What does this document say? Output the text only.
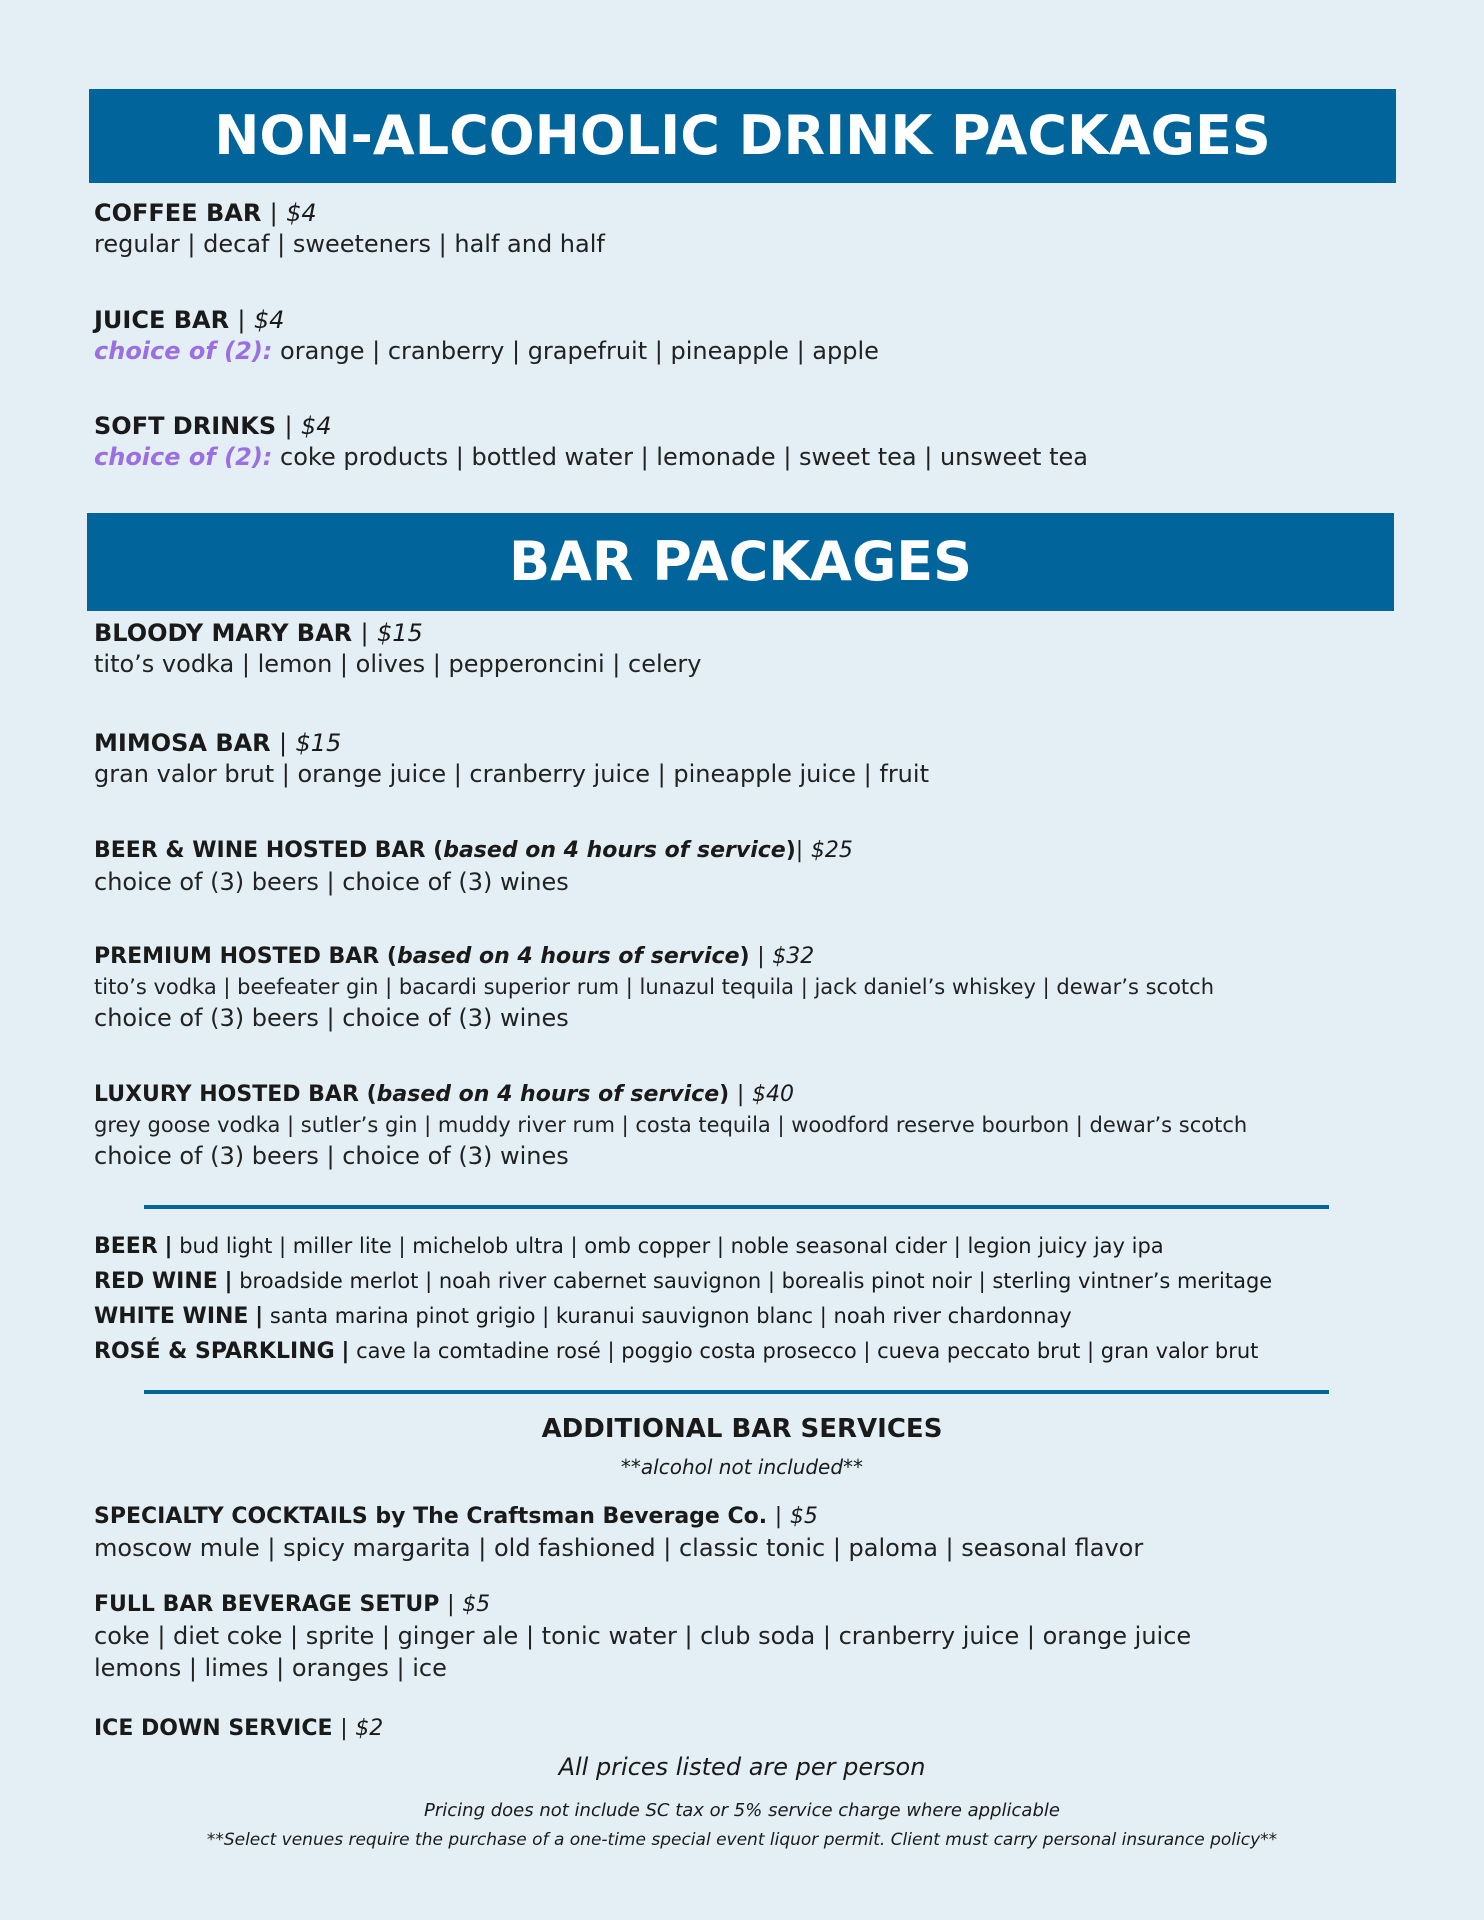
NON-ALCOHOLIC DRINK PACKAGES
COFFEE BAR | $4
regular | decaf | sweeteners | half and half
JUICE BAR | $4
choice of (2): orange | cranberry | grapefruit | pineapple | apple
SOFT DRINKS | $4
choice of (2): coke products | bottled water | lemonade | sweet tea | unsweet tea
BAR PACKAGES
BLOODY MARY BAR | $15
tito’s vodka | lemon | olives | pepperoncini | celery
MIMOSA BAR | $15
gran valor brut | orange juice | cranberry juice | pineapple juice | fruit
BEER & WINE HOSTED BAR (based on 4 hours of service)| $25
choice of (3) beers | choice of (3) wines
PREMIUM HOSTED BAR (based on 4 hours of service) | $32
tito’s vodka | beefeater gin | bacardi superior rum | lunazul tequila | jack daniel’s whiskey | dewar’s scotch
choice of (3) beers | choice of (3) wines
LUXURY HOSTED BAR (based on 4 hours of service) | $40
grey goose vodka | sutler’s gin | muddy river rum | costa tequila | woodford reserve bourbon | dewar’s scotch
choice of (3) beers | choice of (3) wines
BEER | bud light | miller lite | michelob ultra | omb copper | noble seasonal cider | legion juicy jay ipa
RED WINE | broadside merlot | noah river cabernet sauvignon | borealis pinot noir | sterling vintner’s meritage
WHITE WINE | santa marina pinot grigio | kuranui sauvignon blanc | noah river chardonnay
ROSÉ & SPARKLING | cave la comtadine rosé | poggio costa prosecco | cueva peccato brut | gran valor brut
ADDITIONAL BAR SERVICES
**alcohol not included**
SPECIALTY COCKTAILS by The Craftsman Beverage Co. | $5
moscow mule | spicy margarita | old fashioned | classic tonic | paloma | seasonal flavor
FULL BAR BEVERAGE SETUP | $5
coke | diet coke | sprite | ginger ale | tonic water | club soda | cranberry juice | orange juice
lemons | limes | oranges | ice
ICE DOWN SERVICE | $2
All prices listed are per person
Pricing does not include SC tax or 5% service charge where applicable
**Select venues require the purchase of a one-time special event liquor permit. Client must carry personal insurance policy**
